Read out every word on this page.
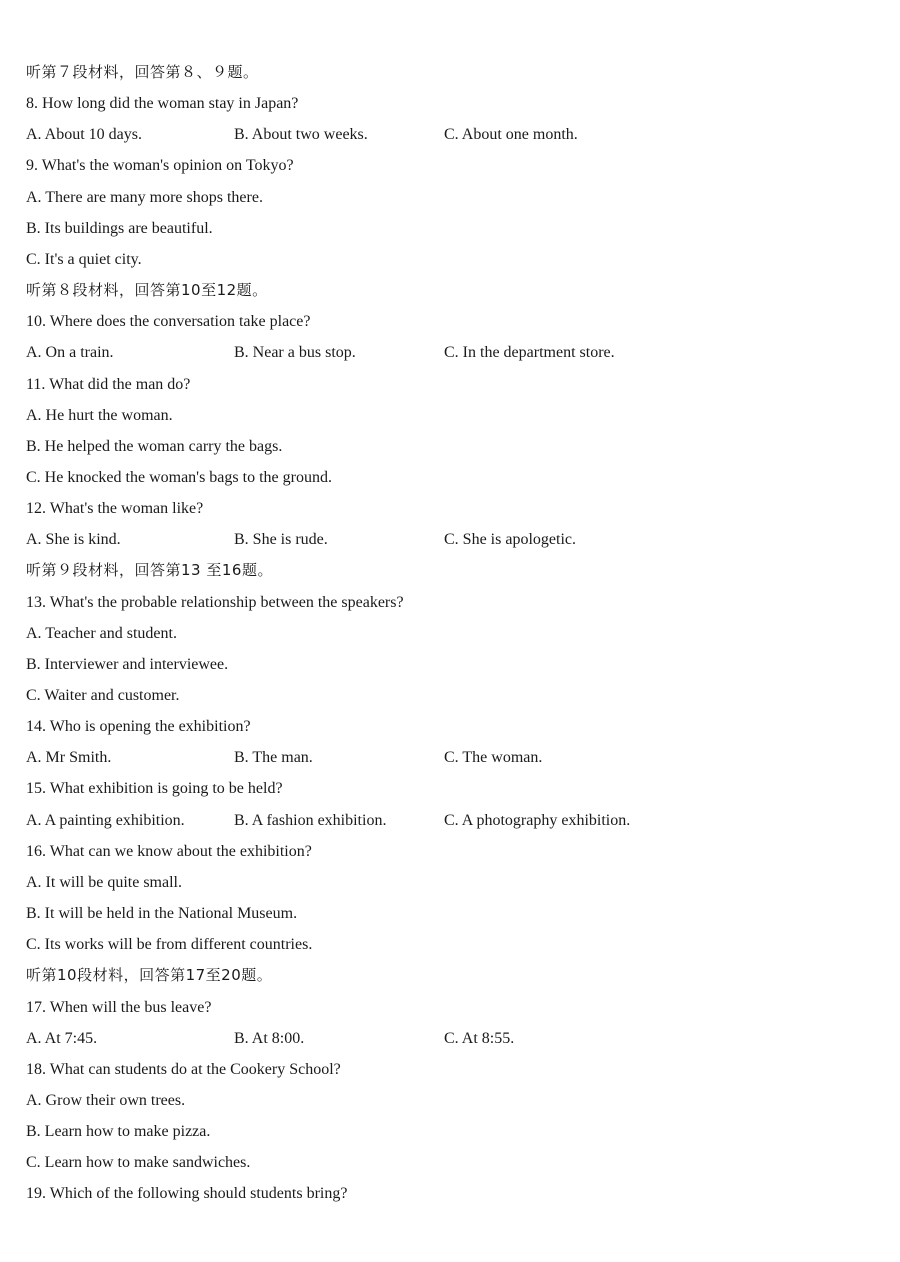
听第７段材料，回答第８、９题。
8. How long did the woman stay in Japan?
A. About 10 days.	B. About two weeks.	C. About one month.
9. What's the woman's opinion on Tokyo?
A. There are many more shops there.
B. Its buildings are beautiful.
C. It's a quiet city.
听第８段材料，回答第10至12题。
10. Where does the conversation take place?
A. On a train.	B. Near a bus stop.	C. In the department store.
11. What did the man do?
A. He hurt the woman.
B. He helped the woman carry the bags.
C. He knocked the woman's bags to the ground.
12. What's the woman like?
A. She is kind.	B. She is rude.	C. She is apologetic.
听第９段材料，回答第13 至16题。
13. What's the probable relationship between the speakers?
A. Teacher and student.
B. Interviewer and interviewee.
C. Waiter and customer.
14. Who is opening the exhibition?
A. Mr Smith.	B. The man.	C. The woman.
15. What exhibition is going to be held?
A. A painting exhibition.	B. A fashion exhibition.	C. A photography exhibition.
16. What can we know about the exhibition?
A. It will be quite small.
B. It will be held in the National Museum.
C. Its works will be from different countries.
听第10段材料，回答第17至20题。
17. When will the bus leave?
A. At 7:45.	B. At 8:00.	C. At 8:55.
18. What can students do at the Cookery School?
A. Grow their own trees.
B. Learn how to make pizza.
C. Learn how to make sandwiches.
19. Which of the following should students bring?
